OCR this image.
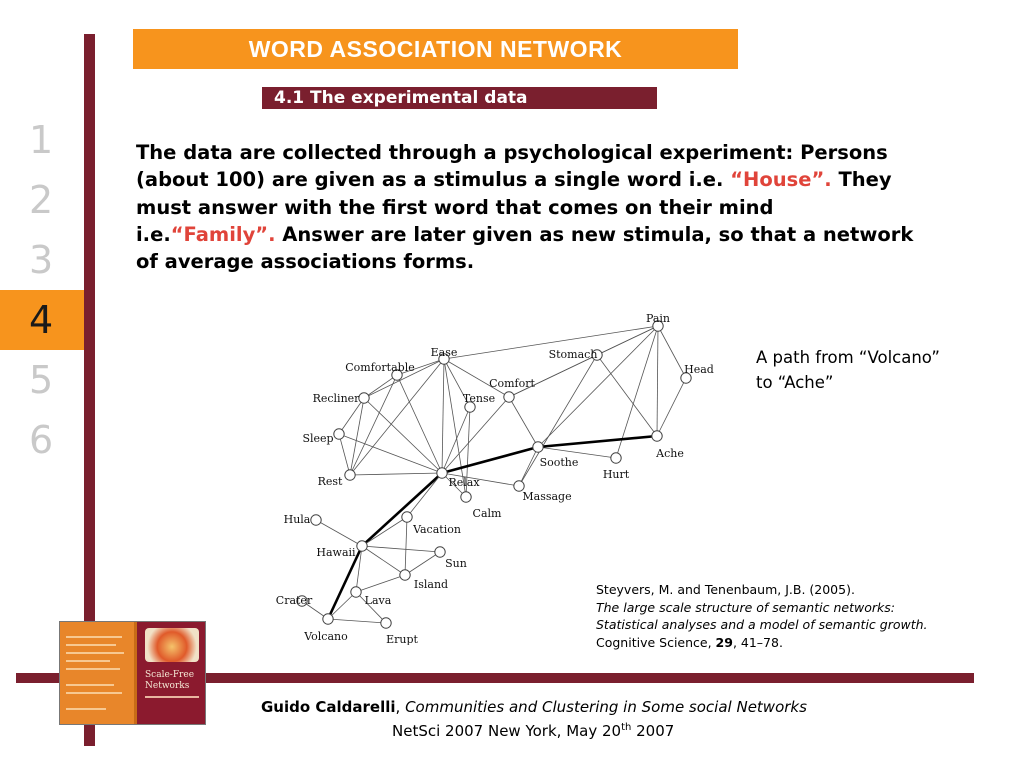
1
2
3
4
5
6
WORD ASSOCIATION NETWORK
4.1 The experimental data
The data are collected through a psychological experiment: Persons (about 100) are given as a stimulus a single word i.e. “House”. They must answer with the first word that comes on their mind i.e.“Family”. Answer are later given as new stimula, so that a network of average associations forms.
Pain
Stomach
Head
Ease
Comfortable
Comfort
Recliner	Tense
Sleep
Ache
Soothe
Hurt
Rest	Relax
Massage
Calm
Hula
Vacation
Hawaii
Sun
Island
Crater	Lava
Volcano	Erupt
A path from “Volcano”
to “Ache”
Steyvers, M. and Tenenbaum, J.B. (2005).
The large scale structure of semantic networks:
Statistical analyses and a model of semantic growth.
Cognitive Science, 29, 41–78.
Scale-Free
Networks
Guido Caldarelli, Communities and Clustering in Some social Networks
NetSci 2007 New York, May 20th 2007
